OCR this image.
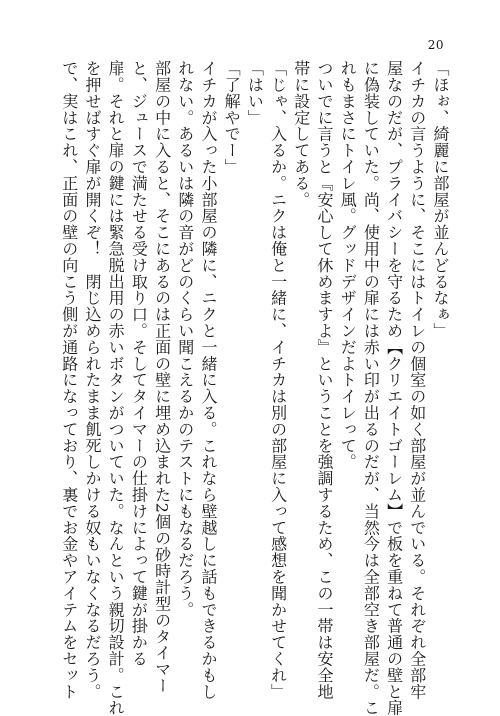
20
「ほぉ、綺麗に部屋が並んどるなぁ」
イチカの言うように、そこにはトイレの個室の如く部屋が並んでいる。それぞれ全部牢
屋なのだが、プライバシーを守るため【クリエイトゴーレム】で板を重ねて普通の壁と扉
に偽装していた。尚、使用中の扉には赤い印が出るのだが、当然今は全部空き部屋だ。こ
れもまさにトイレ風。グッドデザインだよトイレって。
ついでに言うと『安心して休めますよ』ということを強調するため、この一帯は安全地
帯に設定してある。
「じゃ、入るか。ニクは俺と一緒に、イチカは別の部屋に入って感想を聞かせてくれ」
「はい」
「了解やでー」
イチカが入った小部屋の隣に、ニクと一緒に入る。これなら壁越しに話もできるかもし
れない。あるいは隣の音がどのくらい聞こえるかのテストにもなるだろう。
部屋の中に入ると、そこにあるのは正面の壁に埋め込まれた2個の砂時計型のタイマー
と、ジュースで満たせる受け取り口。そしてタイマーの仕掛けによって鍵が掛かる
扉。それと扉の鍵には緊急脱出用の赤いボタンがついていた。なんという親切設計。これ
を押せばすぐ扉が開くぞ！　閉じ込められたまま飢死しかける奴もいなくなるだろう。
で、実はこれ、正面の壁の向こう側が通路になっており、裏でお金やアイテムをセット
